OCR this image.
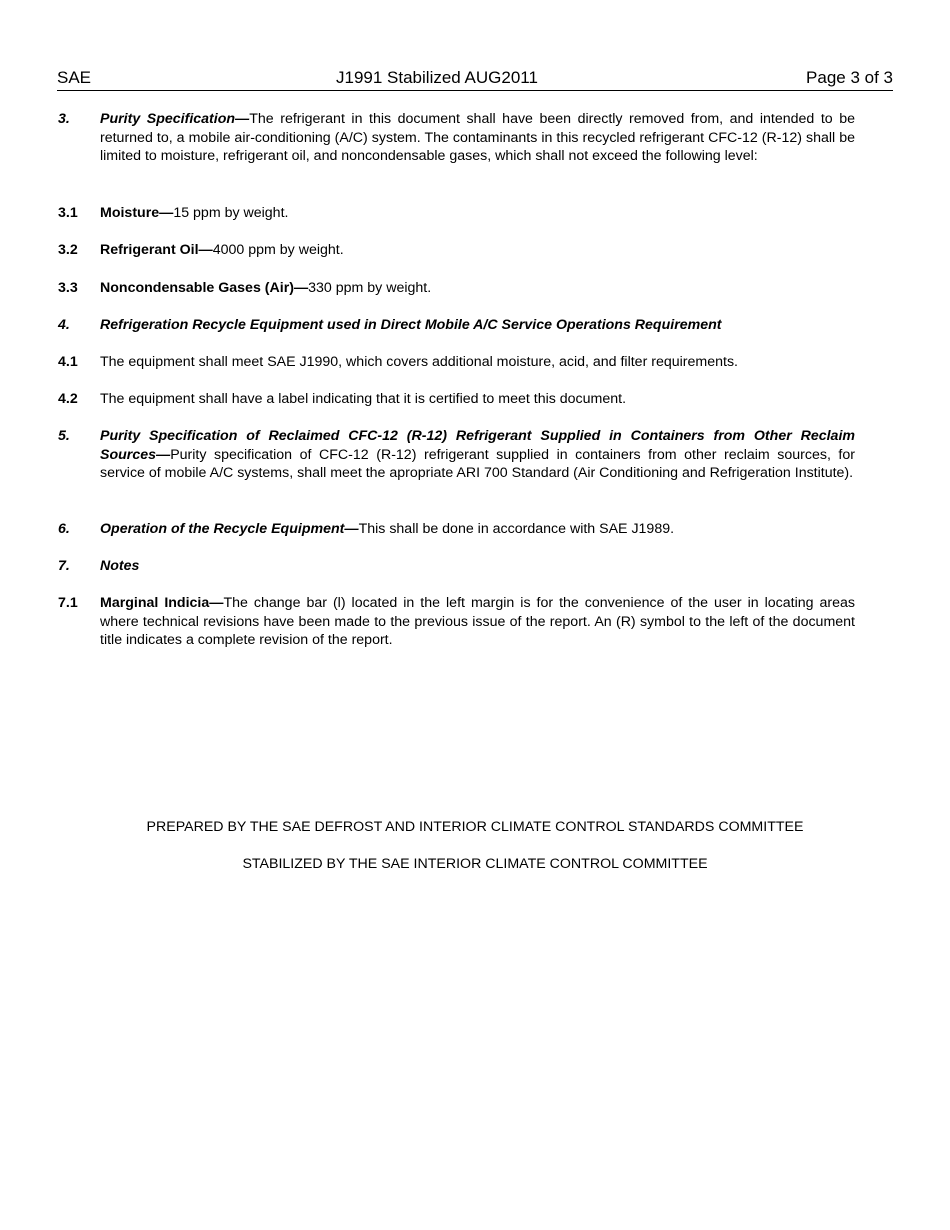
SAE	J1991 Stabilized AUG2011	Page 3 of 3
3. Purity Specification—The refrigerant in this document shall have been directly removed from, and intended to be returned to, a mobile air-conditioning (A/C) system. The contaminants in this recycled refrigerant CFC-12 (R-12) shall be limited to moisture, refrigerant oil, and noncondensable gases, which shall not exceed the following level:
3.1 Moisture—15 ppm by weight.
3.2 Refrigerant Oil—4000 ppm by weight.
3.3 Noncondensable Gases (Air)—330 ppm by weight.
4. Refrigeration Recycle Equipment used in Direct Mobile A/C Service Operations Requirement
4.1 The equipment shall meet SAE J1990, which covers additional moisture, acid, and filter requirements.
4.2 The equipment shall have a label indicating that it is certified to meet this document.
5. Purity Specification of Reclaimed CFC-12 (R-12) Refrigerant Supplied in Containers from Other Reclaim Sources—Purity specification of CFC-12 (R-12) refrigerant supplied in containers from other reclaim sources, for service of mobile A/C systems, shall meet the apropriate ARI 700 Standard (Air Conditioning and Refrigeration Institute).
6. Operation of the Recycle Equipment—This shall be done in accordance with SAE J1989.
7. Notes
7.1 Marginal Indicia—The change bar (l) located in the left margin is for the convenience of the user in locating areas where technical revisions have been made to the previous issue of the report. An (R) symbol to the left of the document title indicates a complete revision of the report.
PREPARED BY THE SAE DEFROST AND INTERIOR CLIMATE CONTROL STANDARDS COMMITTEE
STABILIZED BY THE SAE INTERIOR CLIMATE CONTROL COMMITTEE
